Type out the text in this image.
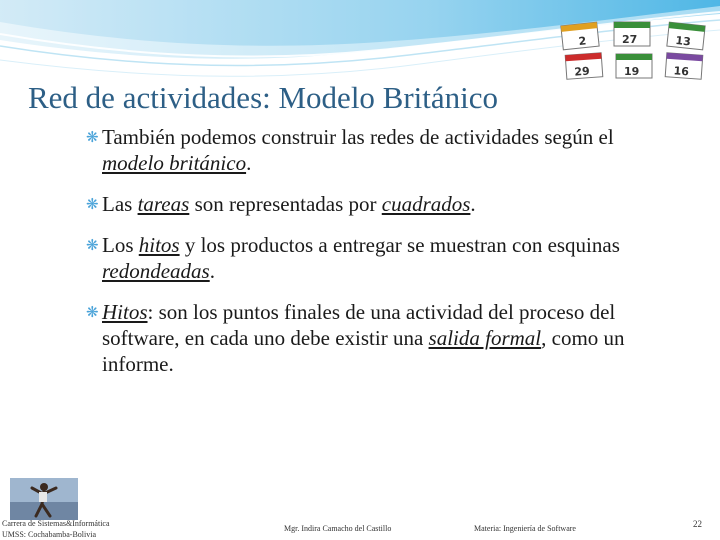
2	27	13
29	19	16
Red de actividades: Modelo Británico
❋ También podemos construir las redes de actividades según el modelo británico.
❋ Las tareas son representadas por cuadrados.
❋ Los hitos y los productos a entregar se muestran con esquinas redondeadas.
❋ Hitos: son los puntos finales de una actividad del proceso del software, en cada uno debe existir una salida formal, como un informe.
Carrera de Sistemas&Informática
UMSS: Cochabamba-Bolivia
Mgr. Indira Camacho del Castillo	Materia: Ingeniería de Software	22
